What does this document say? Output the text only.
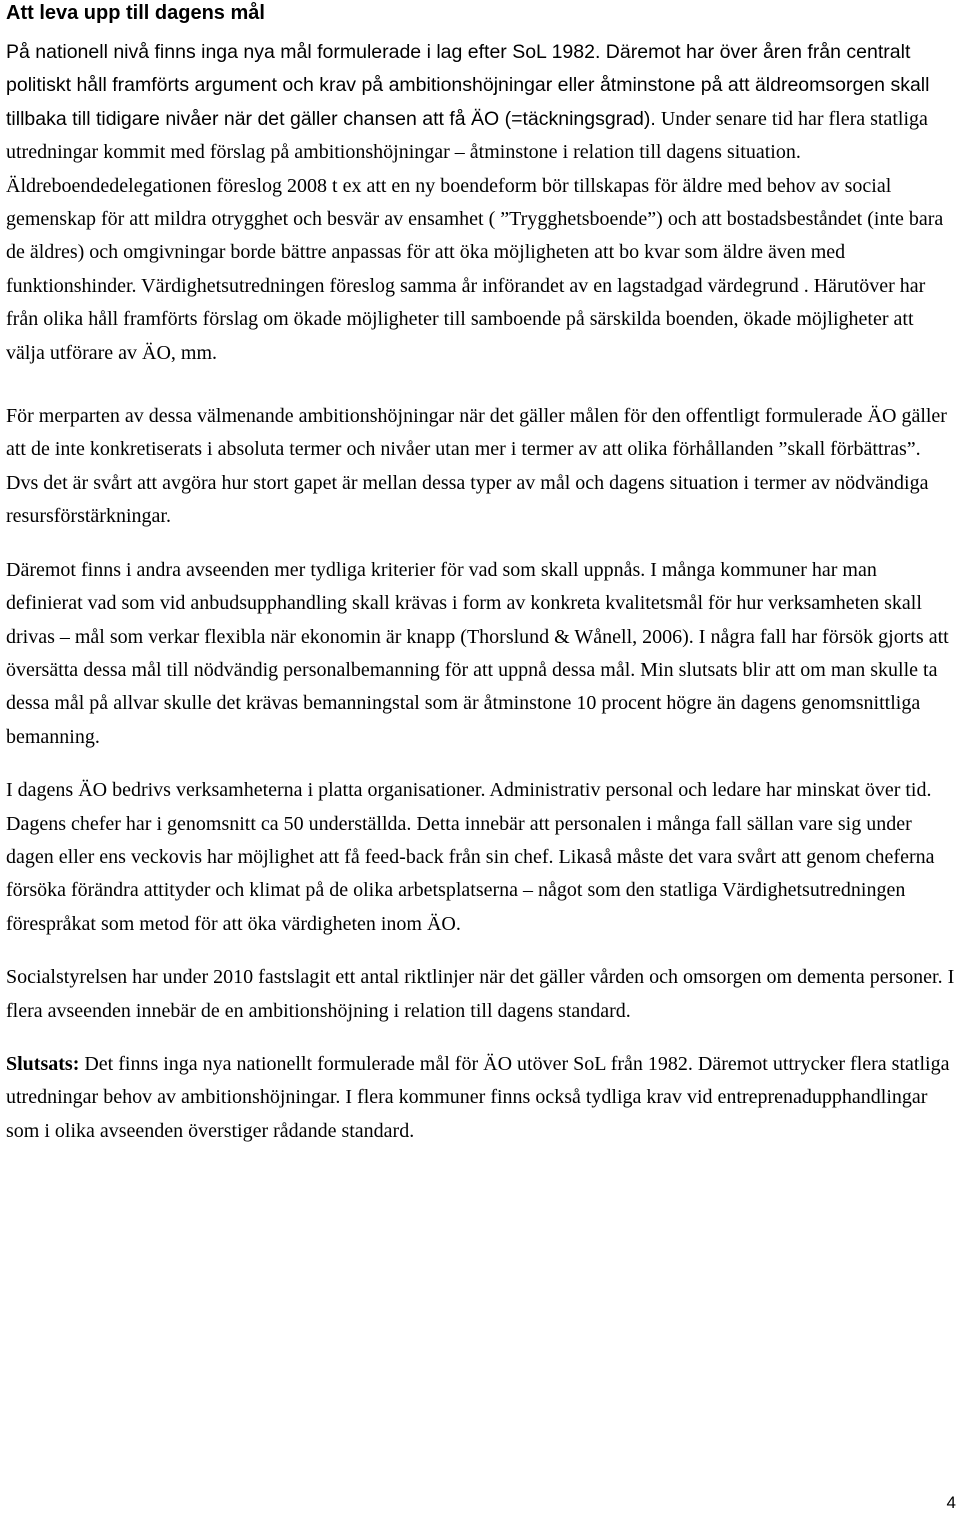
Att leva upp till dagens mål

På nationell nivå finns inga nya mål formulerade i lag efter SoL 1982. Däremot har över åren från centralt politiskt håll framförts argument och krav på ambitionshöjningar eller åtminstone på att äldreomsorgen skall tillbaka till tidigare nivåer när det gäller chansen att få ÄO (=täckningsgrad). Under senare tid har flera statliga utredningar kommit med förslag på ambitionshöjningar – åtminstone i relation till dagens situation. Äldreboendedelegationen föreslog 2008 t ex att en ny boendeform bör tillskapas för äldre med behov av social gemenskap för att mildra otrygghet och besvär av ensamhet ( ”Trygghetsboende”) och att bostadsbeståndet (inte bara de äldres) och omgivningar borde bättre anpassas för att öka möjligheten att bo kvar som äldre även med funktionshinder. Värdighetsutredningen föreslog samma år införandet av en lagstadgad värdegrund . Härutöver har från olika håll framförts förslag om ökade möjligheter till samboende på särskilda boenden, ökade möjligheter att välja utförare av ÄO, mm.

För merparten av dessa välmenande ambitionshöjningar när det gäller målen för den offentligt formulerade ÄO gäller att de inte konkretiserats i absoluta termer och nivåer utan mer i termer av att olika förhållanden ”skall förbättras”. Dvs det är svårt att avgöra hur stort gapet är mellan dessa typer av mål och dagens situation i termer av nödvändiga resursförstärkningar.

Däremot finns i andra avseenden mer tydliga kriterier för vad som skall uppnås. I många kommuner har man definierat vad som vid anbudsupphandling skall krävas i form av konkreta kvalitetsmål för hur verksamheten skall drivas – mål som verkar flexibla när ekonomin är knapp (Thorslund & Wånell, 2006). I några fall har försök gjorts att översätta dessa mål till nödvändig personalbemanning för att uppnå dessa mål. Min slutsats blir att om man skulle ta dessa mål på allvar skulle det krävas bemanningstal som är åtminstone 10 procent högre än dagens genomsnittliga bemanning.

I dagens ÄO bedrivs verksamheterna i platta organisationer. Administrativ personal och ledare har minskat över tid. Dagens chefer har i genomsnitt ca 50 underställda. Detta innebär att personalen i många fall sällan vare sig under dagen eller ens veckovis har möjlighet att få feed-back från sin chef. Likaså måste det vara svårt att genom cheferna försöka förändra attityder och klimat på de olika arbetsplatserna – något som den statliga Värdighetsutredningen förespråkat som metod för att öka värdigheten inom ÄO.

Socialstyrelsen har under 2010 fastslagit ett antal riktlinjer när det gäller vården och omsorgen om dementa personer. I flera avseenden innebär de en ambitionshöjning i relation till dagens standard.

Slutsats: Det finns inga nya nationellt formulerade mål för ÄO utöver SoL från 1982. Däremot uttrycker flera statliga utredningar behov av ambitionshöjningar. I flera kommuner finns också tydliga krav vid entreprenadupphandlingar som i olika avseenden överstiger rådande standard.

4
